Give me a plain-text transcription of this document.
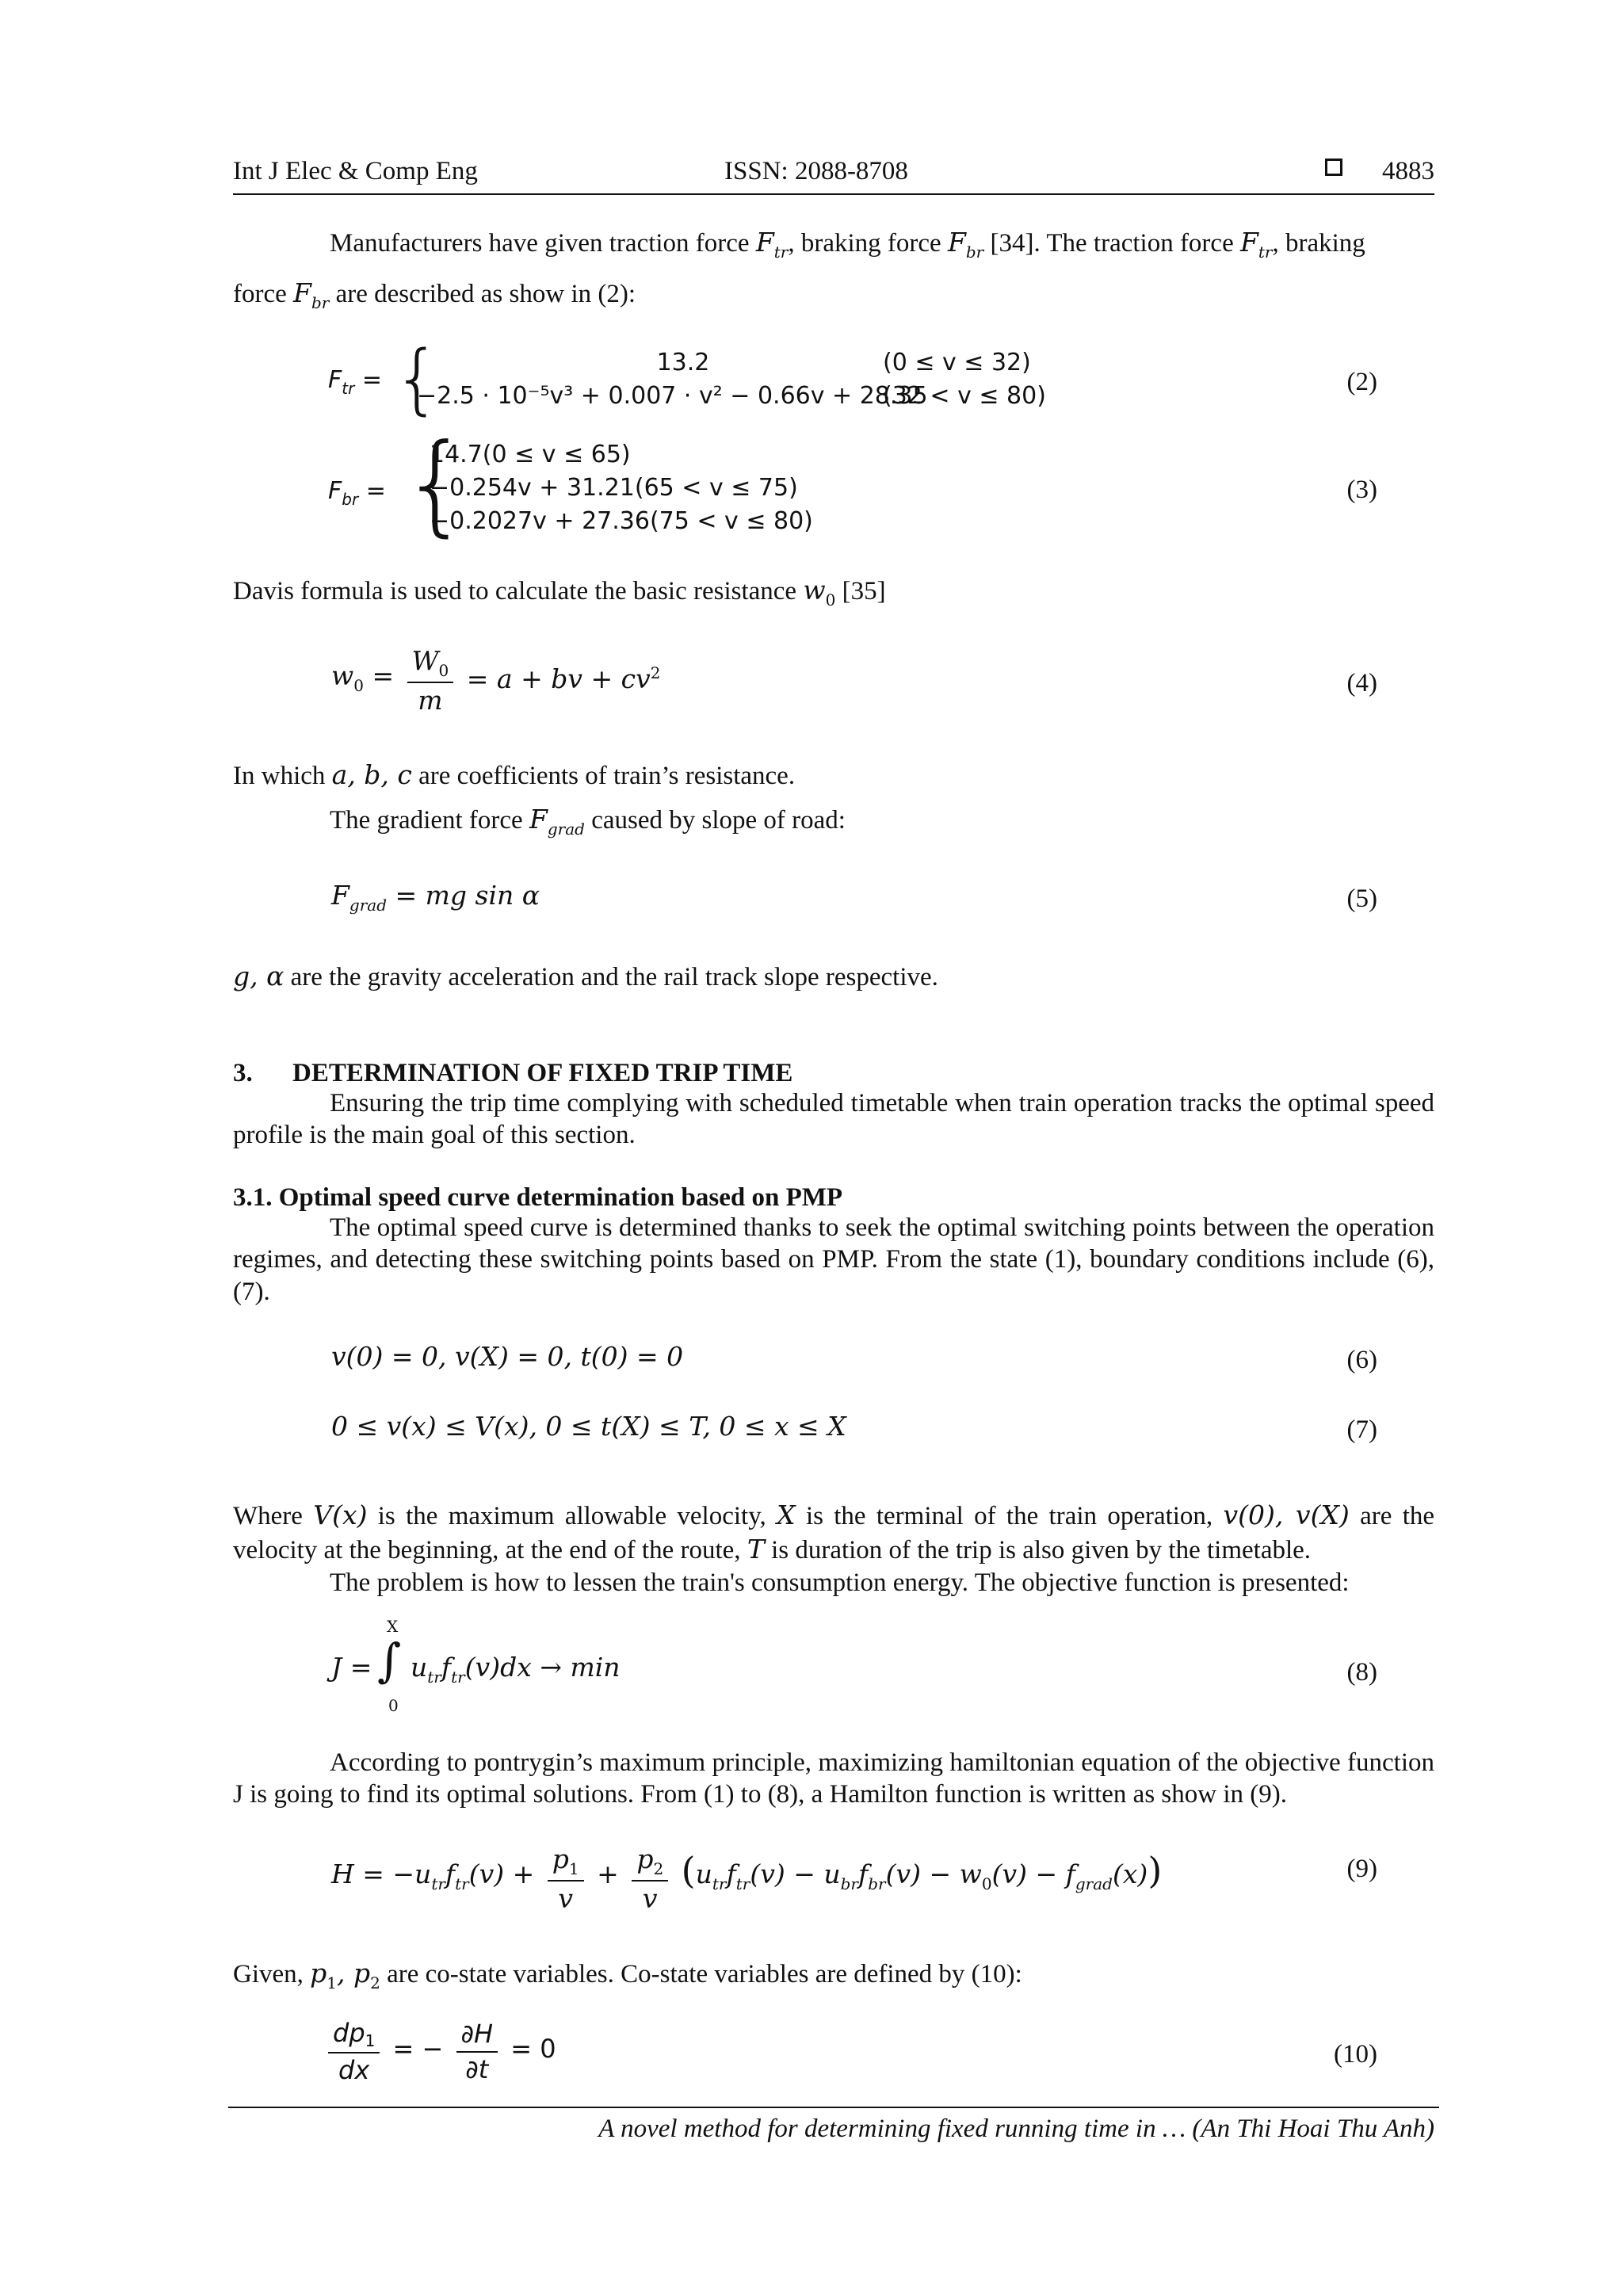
Int J Elec & Comp Eng	ISSN: 2088-8708	4883
Manufacturers have given traction force $F_{tr}$, braking force $F_{br}$ [34]. The traction force $F_{tr}$, braking
force $F_{br}$ are described as show in (2):
$F_{tr}$ = {	13.2	(0 ≤ v ≤ 32)
−2.5 · 10⁻⁵v³ + 0.007 · v² − 0.66v + 28.35
(32 < v ≤ 80)	(2)
$F_{br}$ = {
14.7(0 ≤ v ≤ 65)
−0.254v + 31.21(65 < v ≤ 75)
−0.2027v + 27.36(75 < v ≤ 80)
(3)
Davis formula is used to calculate the basic resistance $w_0$ [35]
$w_0 = \frac{W_0}{m} = a$ + bv + $cv^2$	(4)
In which a, b, c are coefficients of train’s resistance.
The gradient force $F_{grad}$ caused by slope of road:
$F_{grad}$ = mg sin α	(5)
g, α are the gravity acceleration and the rail track slope respective.
3. DETERMINATION OF FIXED TRIP TIME
Ensuring the trip time complying with scheduled timetable when train operation tracks the optimal speed profile is the main goal of this section.
3.1. Optimal speed curve determination based on PMP
The optimal speed curve is determined thanks to seek the optimal switching points between the operation regimes, and detecting these switching points based on PMP. From the state (1), boundary conditions include (6), (7).
v(0) = 0, v(X) = 0, t(0) = 0	(6)
0 ≤ v(x) ≤ V(x), 0 ≤ t(X) ≤ T, 0 ≤ x ≤ X	(7)
Where V(x) is the maximum allowable velocity, X is the terminal of the train operation, v(0), v(X) are the
velocity at the beginning, at the end of the route, T is duration of the trip is also given by the timetable.
The problem is how to lessen the train's consumption energy. The objective function is presented:
J =
X
∫
0
$u_{tr}f_{tr}(v)dx \to \min$	(8)
According to pontrygin’s maximum principle, maximizing hamiltonian equation of the objective function J is going to find its optimal solutions. From (1) to (8), a Hamilton function is written as show in (9).
$H = -u_{tr}f_{tr}(v) + \frac{p_1}{v} + \frac{p_2}{v} (u_{tr}f_{tr}(v) - u_{br}f_{br}(v) - w_0(v) - f_{grad}(x))$	(9)
Given, $p_1$, $p_2$ are co-state variables. Co-state variables are defined by (10):
$\frac{dp1}{dx}$ = − $\frac{\partial H}{\partial t} = 0$	(10)
A novel method for determining fixed running time in … (An Thi Hoai Thu Anh)
